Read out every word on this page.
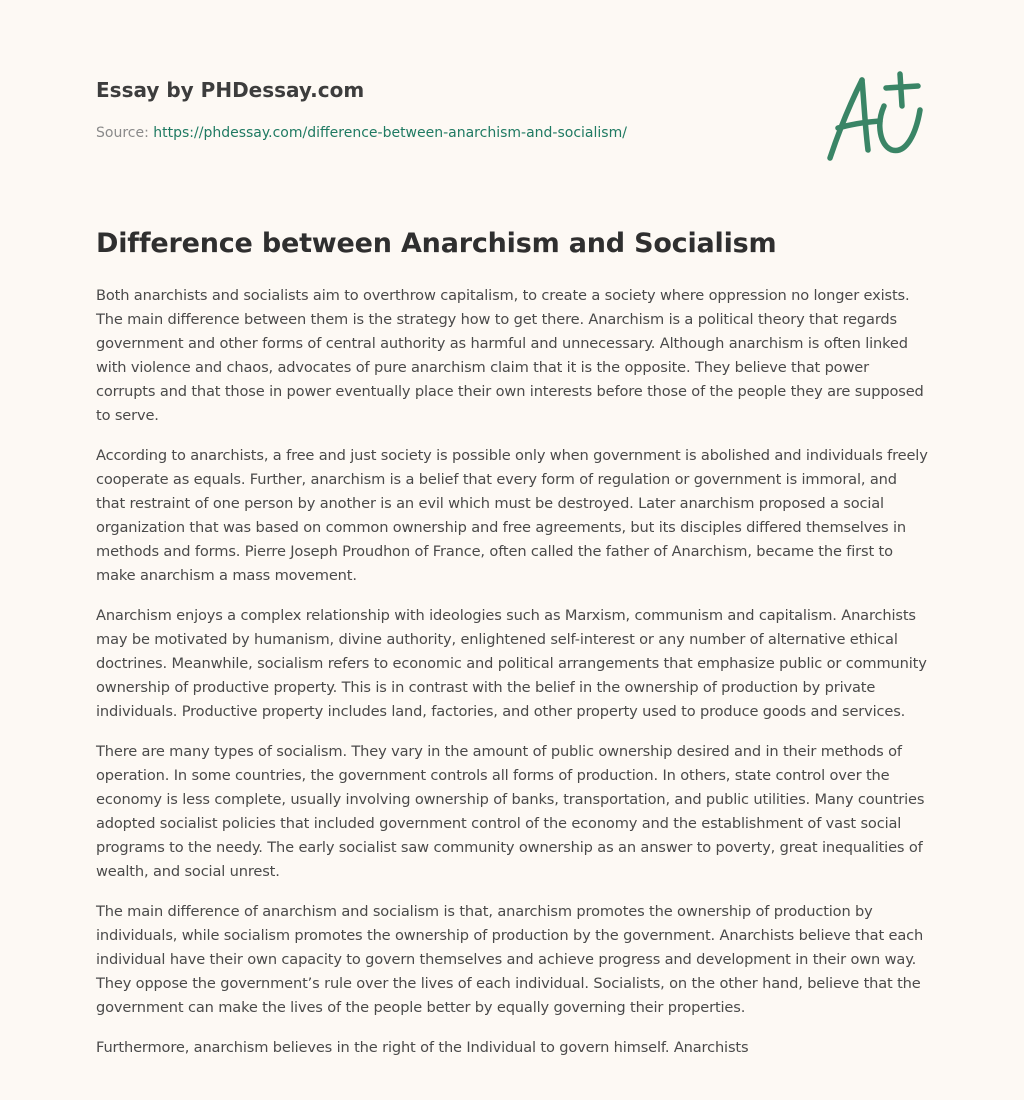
Essay by PHDessay.com
Source: https://phdessay.com/difference-between-anarchism-and-socialism/
Difference between Anarchism and Socialism

Both anarchists and socialists aim to overthrow capitalism, to create a society where oppression no longer exists. The main difference between them is the strategy how to get there. Anarchism is a political theory that regards government and other forms of central authority as harmful and unnecessary. Although anarchism is often linked with violence and chaos, advocates of pure anarchism claim that it is the opposite. They believe that power corrupts and that those in power eventually place their own interests before those of the people they are supposed to serve.

According to anarchists, a free and just society is possible only when government is abolished and individuals freely cooperate as equals. Further, anarchism is a belief that every form of regulation or government is immoral, and that restraint of one person by another is an evil which must be destroyed. Later anarchism proposed a social organization that was based on common ownership and free agreements, but its disciples differed themselves in methods and forms. Pierre Joseph Proudhon of France, often called the father of Anarchism, became the first to make anarchism a mass movement.

Anarchism enjoys a complex relationship with ideologies such as Marxism, communism and capitalism. Anarchists may be motivated by humanism, divine authority, enlightened self-interest or any number of alternative ethical doctrines. Meanwhile, socialism refers to economic and political arrangements that emphasize public or community ownership of productive property. This is in contrast with the belief in the ownership of production by private individuals. Productive property includes land, factories, and other property used to produce goods and services.

There are many types of socialism. They vary in the amount of public ownership desired and in their methods of operation. In some countries, the government controls all forms of production. In others, state control over the economy is less complete, usually involving ownership of banks, transportation, and public utilities. Many countries adopted socialist policies that included government control of the economy and the establishment of vast social programs to the needy. The early socialist saw community ownership as an answer to poverty, great inequalities of wealth, and social unrest.

The main difference of anarchism and socialism is that, anarchism promotes the ownership of production by individuals, while socialism promotes the ownership of production by the government. Anarchists believe that each individual have their own capacity to govern themselves and achieve progress and development in their own way. They oppose the government’s rule over the lives of each individual. Socialists, on the other hand, believe that the government can make the lives of the people better by equally governing their properties.

Furthermore, anarchism believes in the right of the Individual to govern himself. Anarchists
